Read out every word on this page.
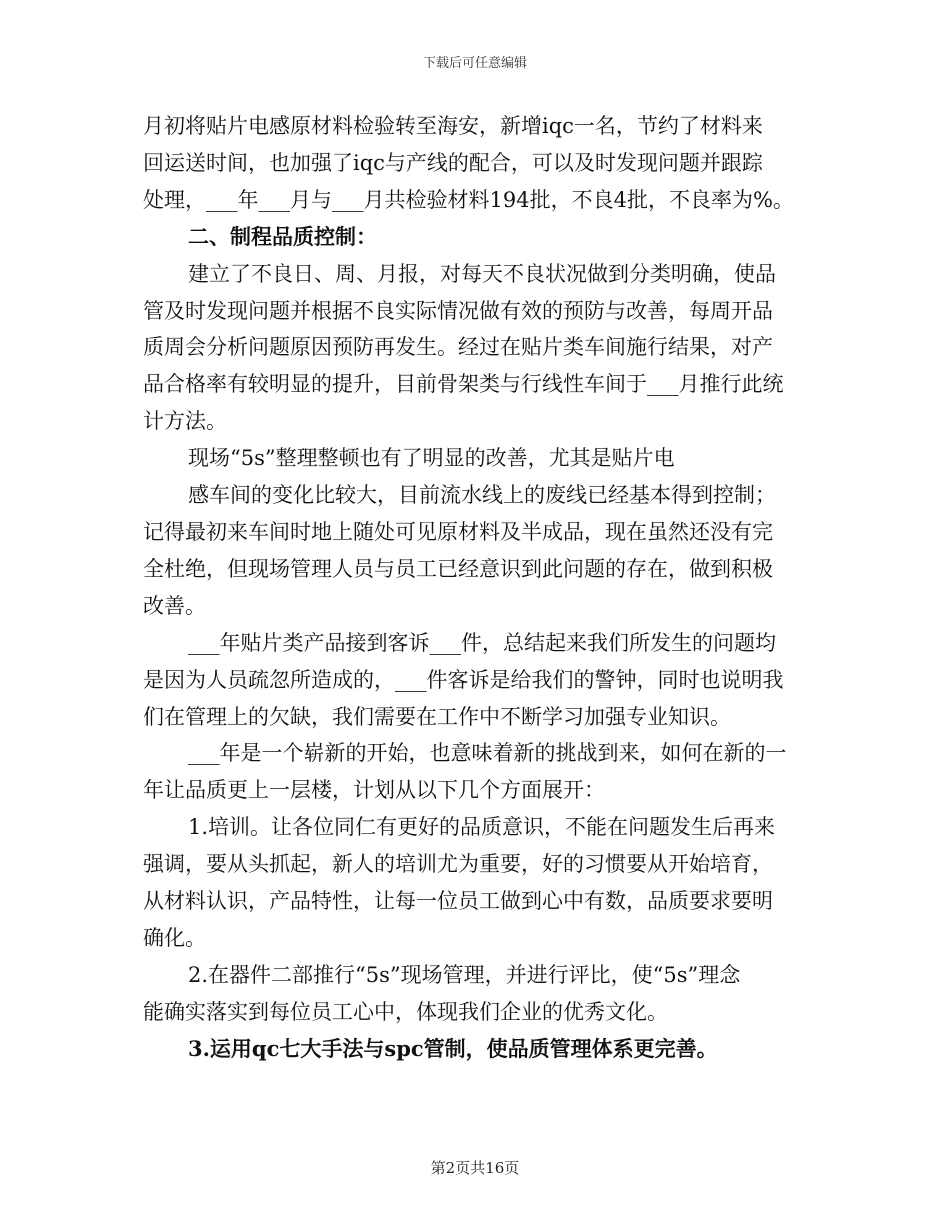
下载后可任意编辑

月初将贴片电感原材料检验转至海安，新增iqc一名，节约了材料来

回运送时间，也加强了iqc与产线的配合，可以及时发现问题并跟踪

处理，___年___月与___月共检验材料194批，不良4批，不良率为%。

二、制程品质控制：

建立了不良日、周、月报，对每天不良状况做到分类明确，使品

管及时发现问题并根据不良实际情况做有效的预防与改善，每周开品

质周会分析问题原因预防再发生。经过在贴片类车间施行结果，对产

品合格率有较明显的提升，目前骨架类与行线性车间于___月推行此统

计方法。

现场“5s”整理整顿也有了明显的改善，尤其是贴片电

感车间的变化比较大，目前流水线上的废线已经基本得到控制；

记得最初来车间时地上随处可见原材料及半成品，现在虽然还没有完

全杜绝，但现场管理人员与员工已经意识到此问题的存在，做到积极

改善。

___年贴片类产品接到客诉___件，总结起来我们所发生的问题均

是因为人员疏忽所造成的，___件客诉是给我们的警钟，同时也说明我

们在管理上的欠缺，我们需要在工作中不断学习加强专业知识。

___年是一个崭新的开始，也意味着新的挑战到来，如何在新的一

年让品质更上一层楼，计划从以下几个方面展开：

1.培训。让各位同仁有更好的品质意识，不能在问题发生后再来

强调，要从头抓起，新人的培训尤为重要，好的习惯要从开始培育，

从材料认识，产品特性，让每一位员工做到心中有数，品质要求要明

确化。

2.在器件二部推行“5s”现场管理，并进行评比，使“5s”理念

能确实落实到每位员工心中，体现我们企业的优秀文化。

3.运用qc七大手法与spc管制，使品质管理体系更完善。

第2页共16页
